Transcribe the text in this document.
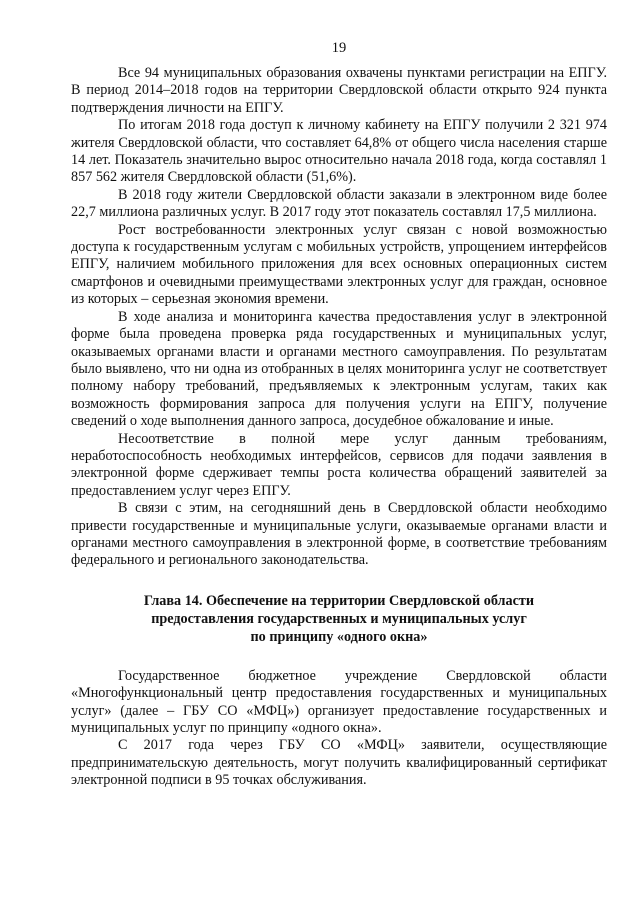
19

Все 94 муниципальных образования охвачены пунктами регистрации на ЕПГУ. В период 2014–2018 годов на территории Свердловской области открыто 924 пункта подтверждения личности на ЕПГУ.

По итогам 2018 года доступ к личному кабинету на ЕПГУ получили 2 321 974 жителя Свердловской области, что составляет 64,8% от общего числа населения старше 14 лет. Показатель значительно вырос относительно начала 2018 года, когда составлял 1 857 562 жителя Свердловской области (51,6%).

В 2018 году жители Свердловской области заказали в электронном виде более 22,7 миллиона различных услуг. В 2017 году этот показатель составлял 17,5 миллиона.

Рост востребованности электронных услуг связан с новой возможностью доступа к государственным услугам с мобильных устройств, упрощением интерфейсов ЕПГУ, наличием мобильного приложения для всех основных операционных систем смартфонов и очевидными преимуществами электронных услуг для граждан, основное из которых – серьезная экономия времени.

В ходе анализа и мониторинга качества предоставления услуг в электронной форме была проведена проверка ряда государственных и муниципальных услуг, оказываемых органами власти и органами местного самоуправления. По результатам было выявлено, что ни одна из отобранных в целях мониторинга услуг не соответствует полному набору требований, предъявляемых к электронным услугам, таких как возможность формирования запроса для получения услуги на ЕПГУ, получение сведений о ходе выполнения данного запроса, досудебное обжалование и иные.

Несоответствие в полной мере услуг данным требованиям, неработоспособность необходимых интерфейсов, сервисов для подачи заявления в электронной форме сдерживает темпы роста количества обращений заявителей за предоставлением услуг через ЕПГУ.

В связи с этим, на сегодняшний день в Свердловской области необходимо привести государственные и муниципальные услуги, оказываемые органами власти и органами местного самоуправления в электронной форме, в соответствие требованиям федерального и регионального законодательства.

Глава 14. Обеспечение на территории Свердловской области
предоставления государственных и муниципальных услуг
по принципу «одного окна»

Государственное бюджетное учреждение Свердловской области «Многофункциональный центр предоставления государственных и муниципальных услуг» (далее – ГБУ СО «МФЦ») организует предоставление государственных и муниципальных услуг по принципу «одного окна».

С 2017 года через ГБУ СО «МФЦ» заявители, осуществляющие предпринимательскую деятельность, могут получить квалифицированный сертификат электронной подписи в 95 точках обслуживания.
